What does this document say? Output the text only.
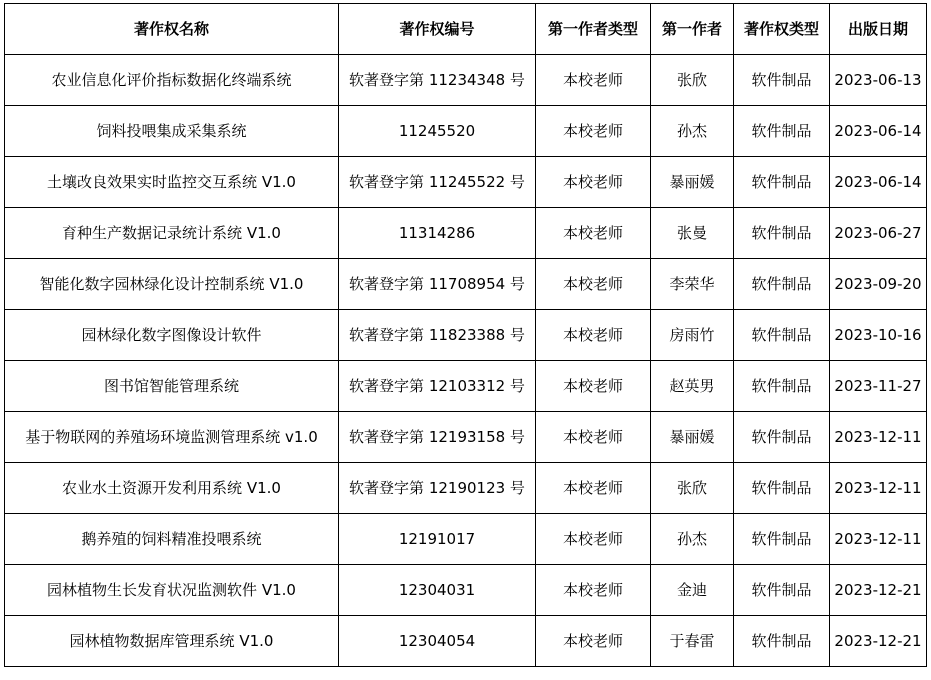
著作权名称	著作权编号	第一作者类型	第一作者	著作权类型	出版日期
农业信息化评价指标数据化终端系统	软著登字第 11234348 号	本校老师	张欣	软件制品	2023-06-13
饲料投喂集成采集系统	11245520	本校老师	孙杰	软件制品	2023-06-14
土壤改良效果实时监控交互系统 V1.0	软著登字第 11245522 号	本校老师	暴丽媛	软件制品	2023-06-14
育种生产数据记录统计系统 V1.0	11314286	本校老师	张曼	软件制品	2023-06-27
智能化数字园林绿化设计控制系统 V1.0	软著登字第 11708954 号	本校老师	李荣华	软件制品	2023-09-20
园林绿化数字图像设计软件	软著登字第 11823388 号	本校老师	房雨竹	软件制品	2023-10-16
图书馆智能管理系统	软著登字第 12103312 号	本校老师	赵英男	软件制品	2023-11-27
基于物联网的养殖场环境监测管理系统 v1.0	软著登字第 12193158 号	本校老师	暴丽媛	软件制品	2023-12-11
农业水土资源开发利用系统 V1.0	软著登字第 12190123 号	本校老师	张欣	软件制品	2023-12-11
鹅养殖的饲料精准投喂系统	12191017	本校老师	孙杰	软件制品	2023-12-11
园林植物生长发育状况监测软件 V1.0	12304031	本校老师	金迪	软件制品	2023-12-21
园林植物数据库管理系统 V1.0	12304054	本校老师	于春雷	软件制品	2023-12-21
